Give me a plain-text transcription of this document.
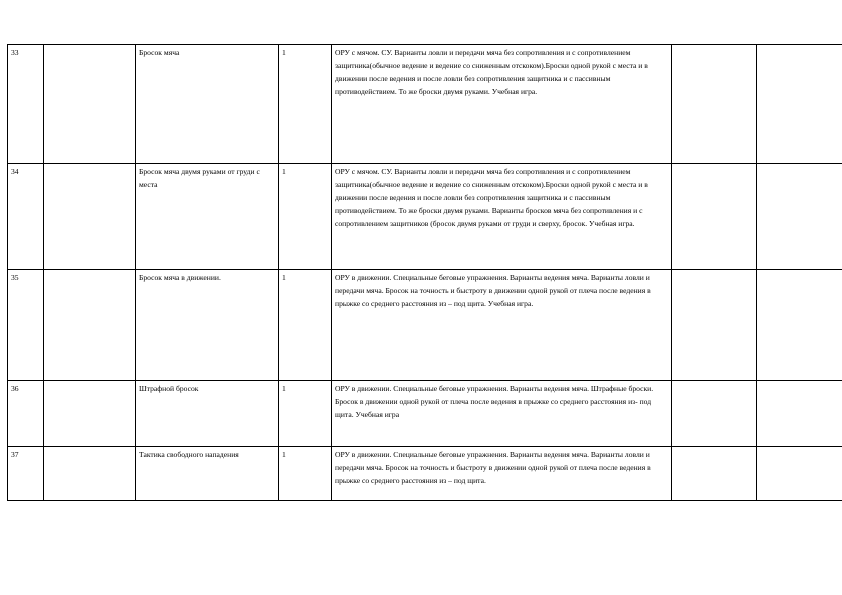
33		Бросок мяча	1	ОРУ с мячом. СУ. Варианты ловли и передачи мяча без сопротивления и с сопротивлением защитника(обычное ведение и ведение со сниженным отскоком).Броски одной рукой с места и в движении после ведения и после ловли без сопротивления защитника и с пассивным противодействием. То же броски двумя руками. Учебная игра.		
34		Бросок мяча двумя руками от груди с места	1	ОРУ с мячом. СУ. Варианты ловли и передачи мяча без сопротивления и с сопротивлением защитника(обычное ведение и ведение со сниженным отскоком).Броски одной рукой с места и в движении после ведения и после ловли без сопротивления защитника и с пассивным противодействием. То же броски двумя руками. Варианты бросков мяча без сопротивления и с сопротивлением защитников (бросок двумя руками от груди и сверху, бросок. Учебная игра.		
35		Бросок мяча в движении.	1	ОРУ в движении. Специальные беговые упражнения. Варианты ведения мяча. Варианты ловли и передачи мяча. Бросок на точность и быстроту в движении одной рукой от плеча после ведения в прыжке со среднего расстояния из – под щита. Учебная игра.		
36		Штрафной бросок	1	ОРУ в движении. Специальные беговые упражнения. Варианты ведения мяча. Штрафные броски. Бросок в движении одной рукой от плеча после ведения в прыжке со среднего расстояния из- под щита. Учебная игра		
37		Тактика свободного нападения	1	ОРУ в движении. Специальные беговые упражнения. Варианты ведения мяча. Варианты ловли и передачи мяча. Бросок на точность и быстроту в движении одной рукой от плеча после ведения в прыжке со среднего расстояния из – под щита.		
